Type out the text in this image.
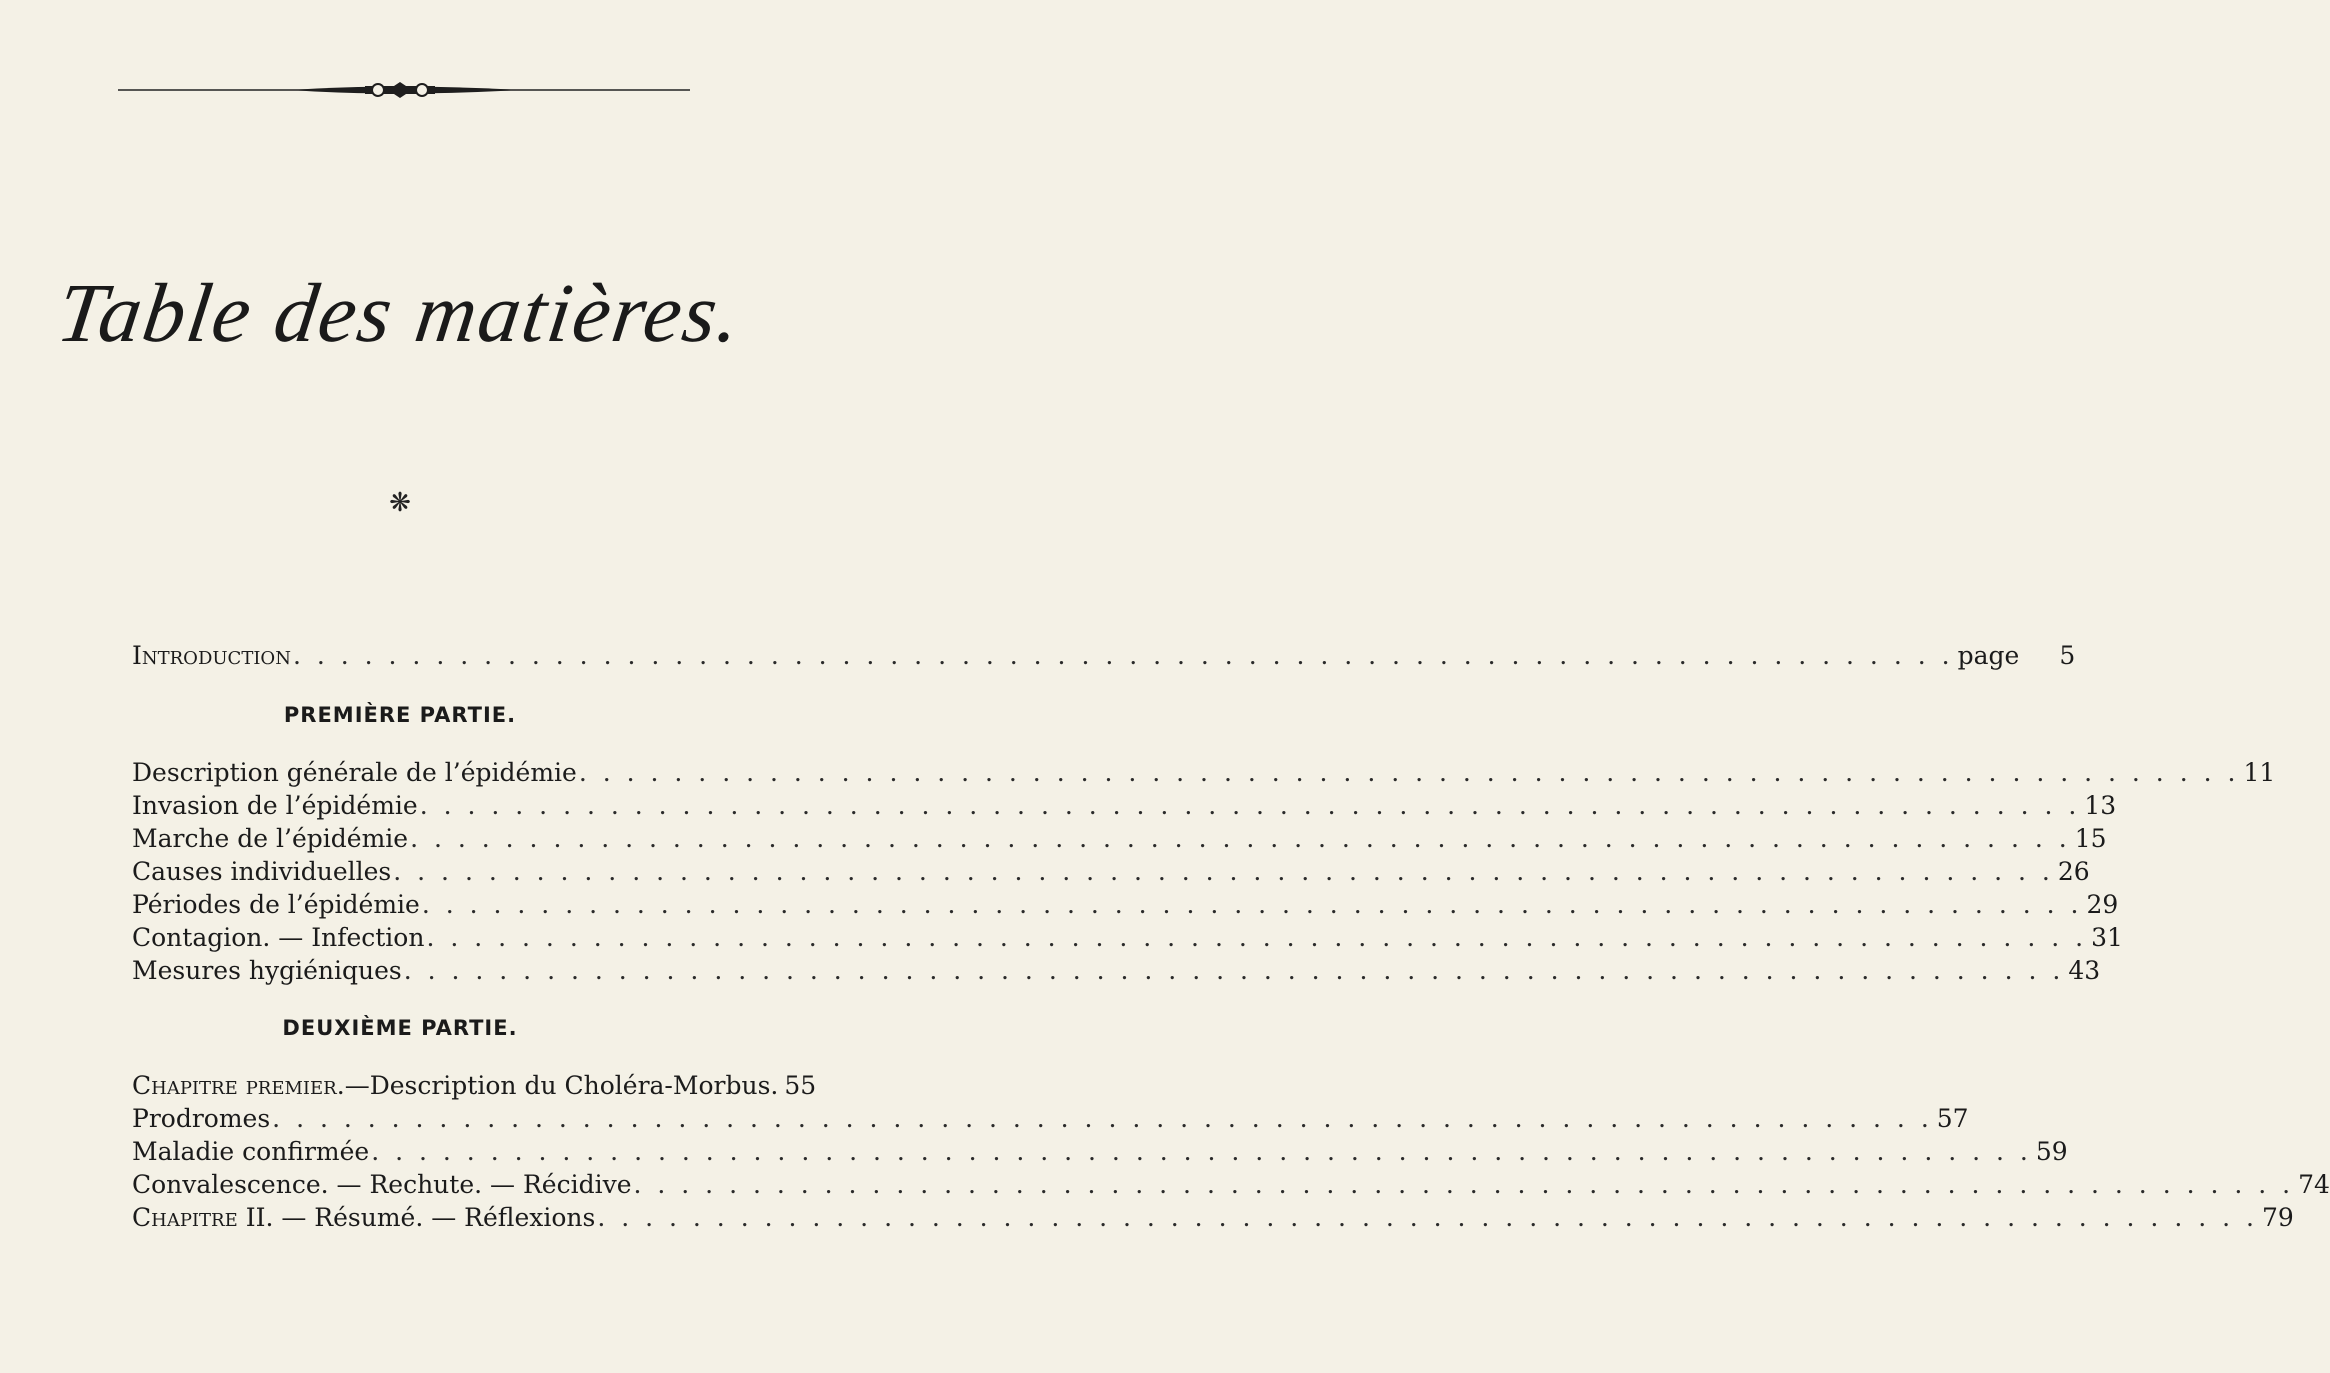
Table des matières.
❋
Introduction . . .	page	5
PREMIÈRE PARTIE.
Description générale de l’épidémie . . .	11
Invasion de l’épidémie . . .	13
Marche de l’épidémie . . .	15
Causes individuelles . . .	26
Périodes de l’épidémie . . .	29
Contagion. — Infection . . .	31
Mesures hygiéniques . . .	43
DEUXIÈME PARTIE.
Chapitre premier.—Description du Choléra-Morbus. 55
Prodromes . . .	57
Maladie confirmée . . .	59
Convalescence. — Rechute. — Récidive . . .	74
Chapitre II. — Résumé. — Réflexions . . .	79
